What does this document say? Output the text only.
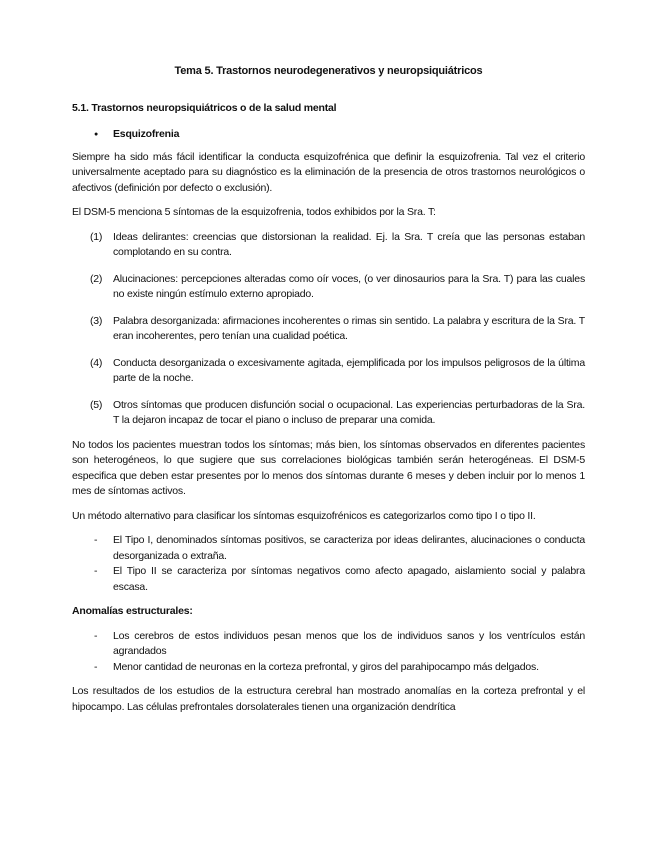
Tema 5. Trastornos neurodegenerativos y neuropsiquiátricos
5.1. Trastornos neuropsiquiátricos o de la salud mental
●	Esquizofrenia

Siempre ha sido más fácil identificar la conducta esquizofrénica que definir la esquizofrenia. Tal vez el criterio universalmente aceptado para su diagnóstico es la eliminación de la presencia de otros trastornos neurológicos o afectivos (definición por defecto o exclusión).

El DSM-5 menciona 5 síntomas de la esquizofrenia, todos exhibidos por la Sra. T:

(1)	Ideas delirantes: creencias que distorsionan la realidad. Ej. la Sra. T creía que las personas estaban complotando en su contra.
(2)	Alucinaciones: percepciones alteradas como oír voces, (o ver dinosaurios para la Sra. T) para las cuales no existe ningún estímulo externo apropiado.
(3)	Palabra desorganizada: afirmaciones incoherentes o rimas sin sentido. La palabra y escritura de la Sra. T eran incoherentes, pero tenían una cualidad poética.
(4)	Conducta desorganizada o excesivamente agitada, ejemplificada por los impulsos peligrosos de la última parte de la noche.
(5)	Otros síntomas que producen disfunción social o ocupacional. Las experiencias perturbadoras de la Sra. T la dejaron incapaz de tocar el piano o incluso de preparar una comida.

No todos los pacientes muestran todos los síntomas; más bien, los síntomas observados en diferentes pacientes son heterogéneos, lo que sugiere que sus correlaciones biológicas también serán heterogéneas. El DSM-5 especifica que deben estar presentes por lo menos dos síntomas durante 6 meses y deben incluir por lo menos 1 mes de síntomas activos.

Un método alternativo para clasificar los síntomas esquizofrénicos es categorizarlos como tipo I o tipo II.

-	El Tipo I, denominados síntomas positivos, se caracteriza por ideas delirantes, alucinaciones o conducta desorganizada o extraña.
-	El Tipo II se caracteriza por síntomas negativos como afecto apagado, aislamiento social y palabra escasa.

Anomalías estructurales:

-	Los cerebros de estos individuos pesan menos que los de individuos sanos y los ventrículos están agrandados
-	Menor cantidad de neuronas en la corteza prefrontal, y giros del parahipocampo más delgados.

Los resultados de los estudios de la estructura cerebral han mostrado anomalías en la corteza prefrontal y el hipocampo. Las células prefrontales dorsolaterales tienen una organización dendrítica
